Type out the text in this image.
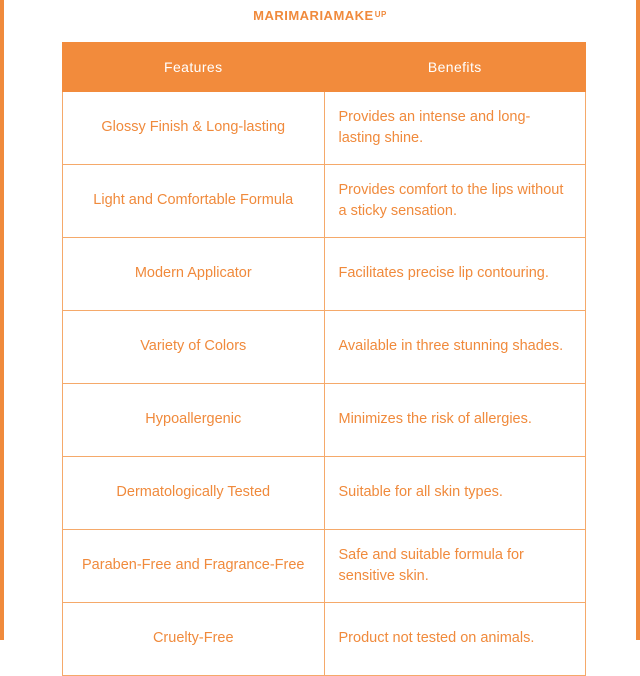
MARIMARIAMAKE UP
Features	Benefits
Glossy Finish & Long-lasting	Provides an intense and long-lasting shine.
Light and Comfortable Formula	Provides comfort to the lips without a sticky sensation.
Modern Applicator	Facilitates precise lip contouring.
Variety of Colors	Available in three stunning shades.
Hypoallergenic	Minimizes the risk of allergies.
Dermatologically Tested	Suitable for all skin types.
Paraben-Free and Fragrance-Free	Safe and suitable formula for sensitive skin.
Cruelty-Free	Product not tested on animals.
